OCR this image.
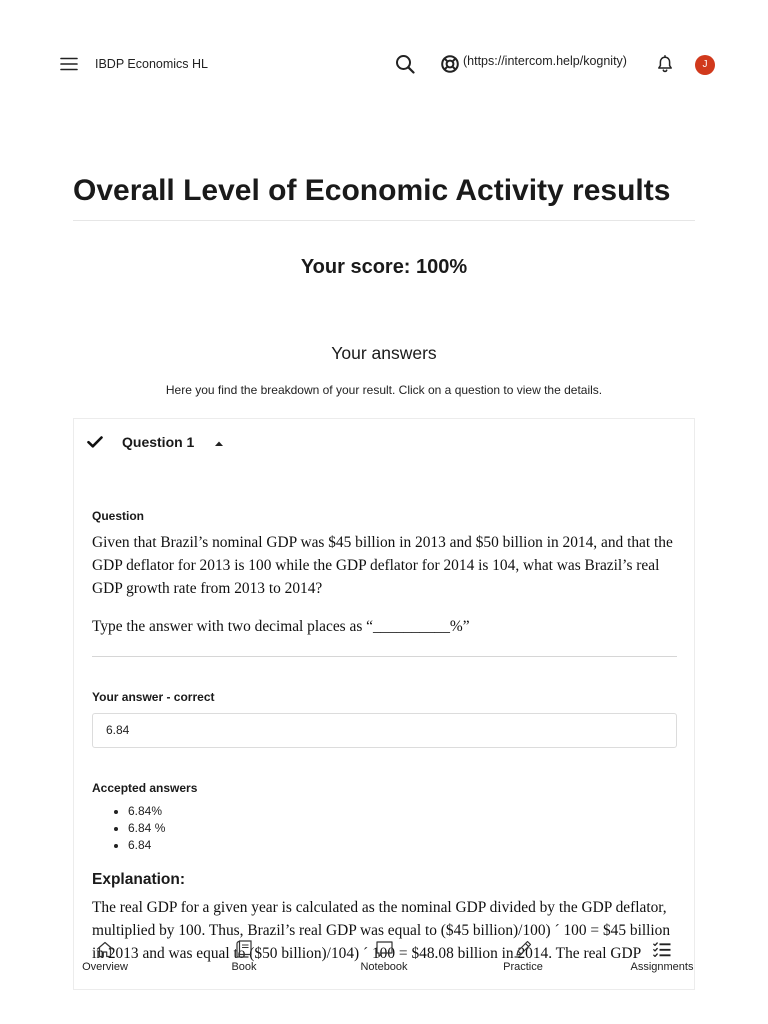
IBDP Economics HL	(https://intercom.help/kognity)	J
Overall Level of Economic Activity results
Your score: 100%
Your answers
Here you find the breakdown of your result. Click on a question to view the details.
Question 1
Question
Given that Brazil’s nominal GDP was $45 billion in 2013 and $50 billion in 2014, and that the GDP deflator for 2013 is 100 while the GDP deflator for 2014 is 104, what was Brazil’s real GDP growth rate from 2013 to 2014?
Type the answer with two decimal places as “__________%”
Your answer - correct
6.84
Accepted answers
6.84%
6.84 %
6.84
Explanation:
The real GDP for a given year is calculated as the nominal GDP divided by the GDP deflator, multiplied by 100. Thus, Brazil’s real GDP was equal to ($45 billion)/100) ´ 100 = $45 billion in 2013 and was equal to ($50 billion)/104) ´ 100 = $48.08 billion in 2014. The real GDP
Overview	Book	Notebook	Practice	Assignments
